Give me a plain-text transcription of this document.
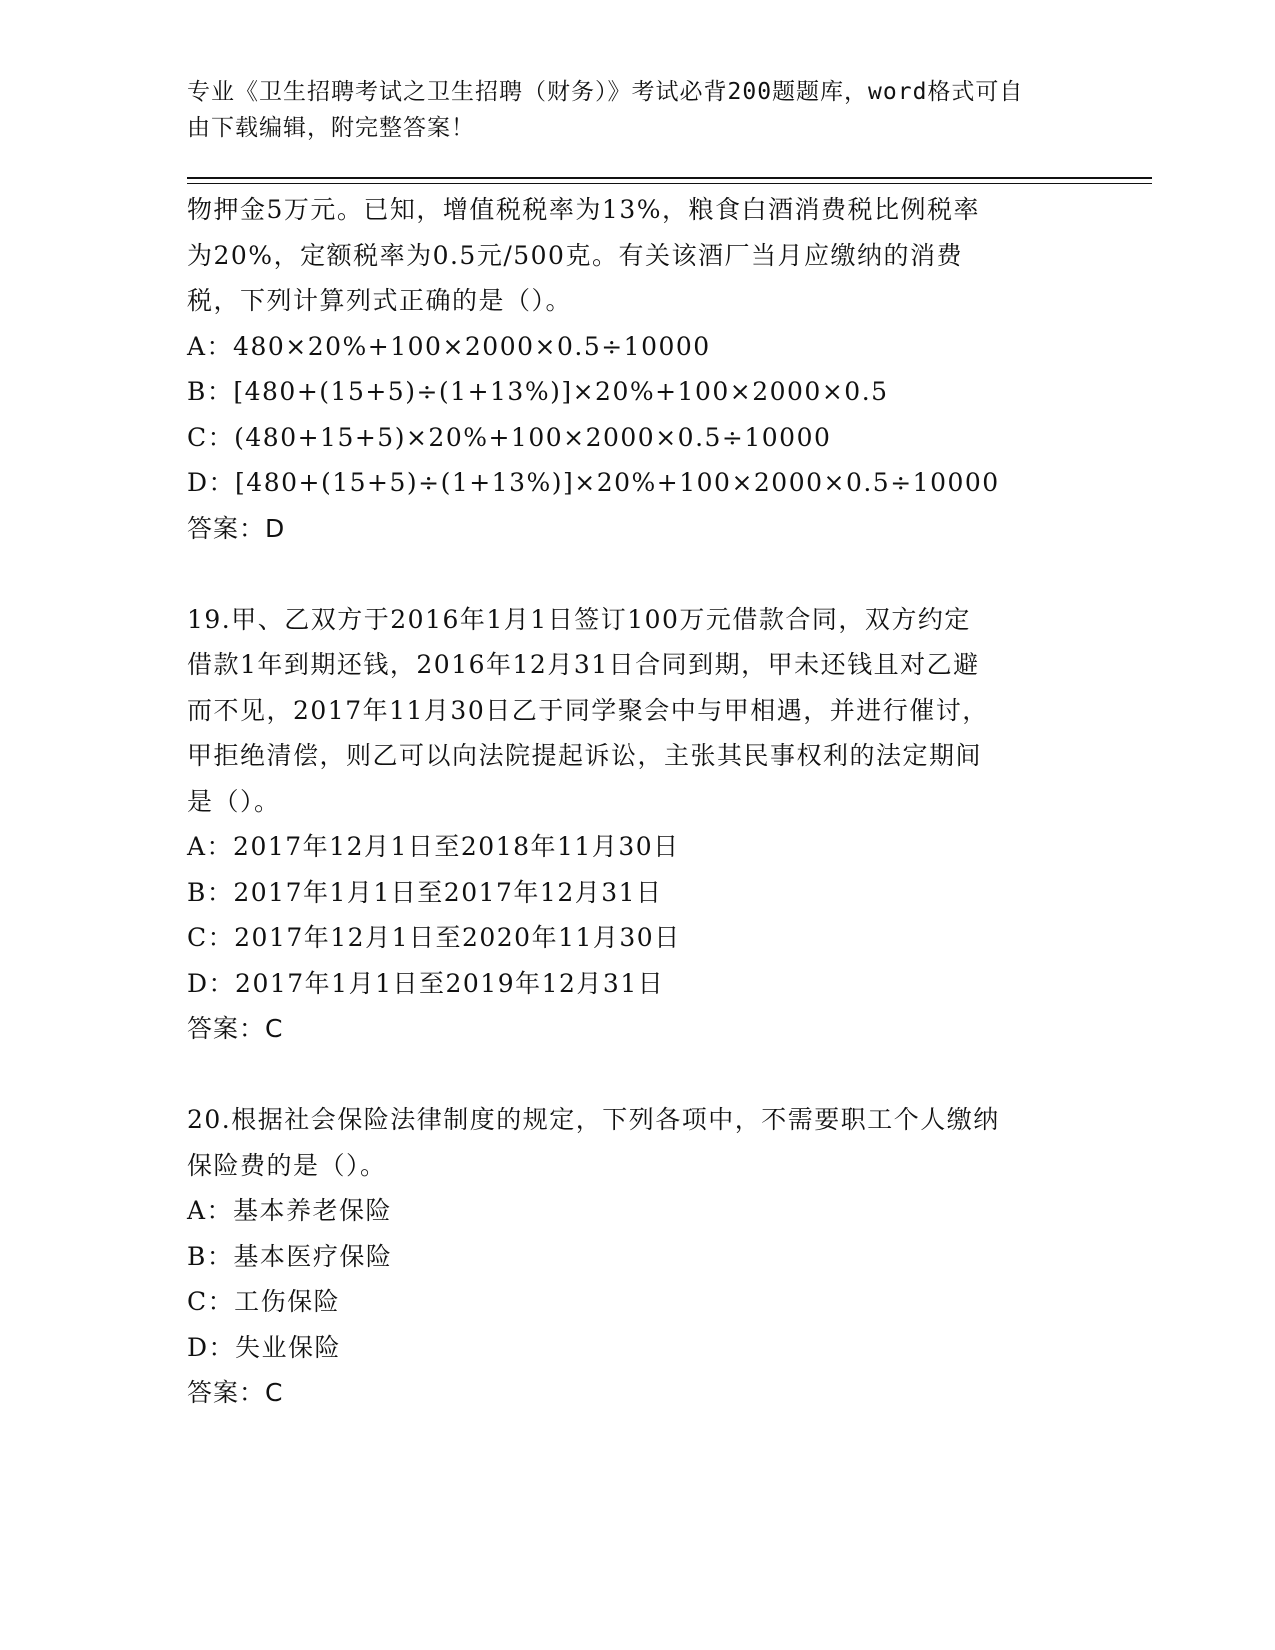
专业《卫生招聘考试之卫生招聘（财务）》考试必背200题题库，word格式可自
由下载编辑，附完整答案！
物押金5万元。已知，增值税税率为13%，粮食白酒消费税比例税率
为20%，定额税率为0.5元/500克。有关该酒厂当月应缴纳的消费
税，下列计算列式正确的是（）。
A：480×20%+100×2000×0.5÷10000
B：[480+(15+5)÷(1+13%)]×20%+100×2000×0.5
C：(480+15+5)×20%+100×2000×0.5÷10000
D：[480+(15+5)÷(1+13%)]×20%+100×2000×0.5÷10000
答案：D
19.甲、乙双方于2016年1月1日签订100万元借款合同，双方约定
借款1年到期还钱，2016年12月31日合同到期，甲未还钱且对乙避
而不见，2017年11月30日乙于同学聚会中与甲相遇，并进行催讨，
甲拒绝清偿，则乙可以向法院提起诉讼，主张其民事权利的法定期间
是（）。
A：2017年12月1日至2018年11月30日
B：2017年1月1日至2017年12月31日
C：2017年12月1日至2020年11月30日
D：2017年1月1日至2019年12月31日
答案：C
20.根据社会保险法律制度的规定，下列各项中，不需要职工个人缴纳
保险费的是（）。
A：基本养老保险
B：基本医疗保险
C：工伤保险
D：失业保险
答案：C
